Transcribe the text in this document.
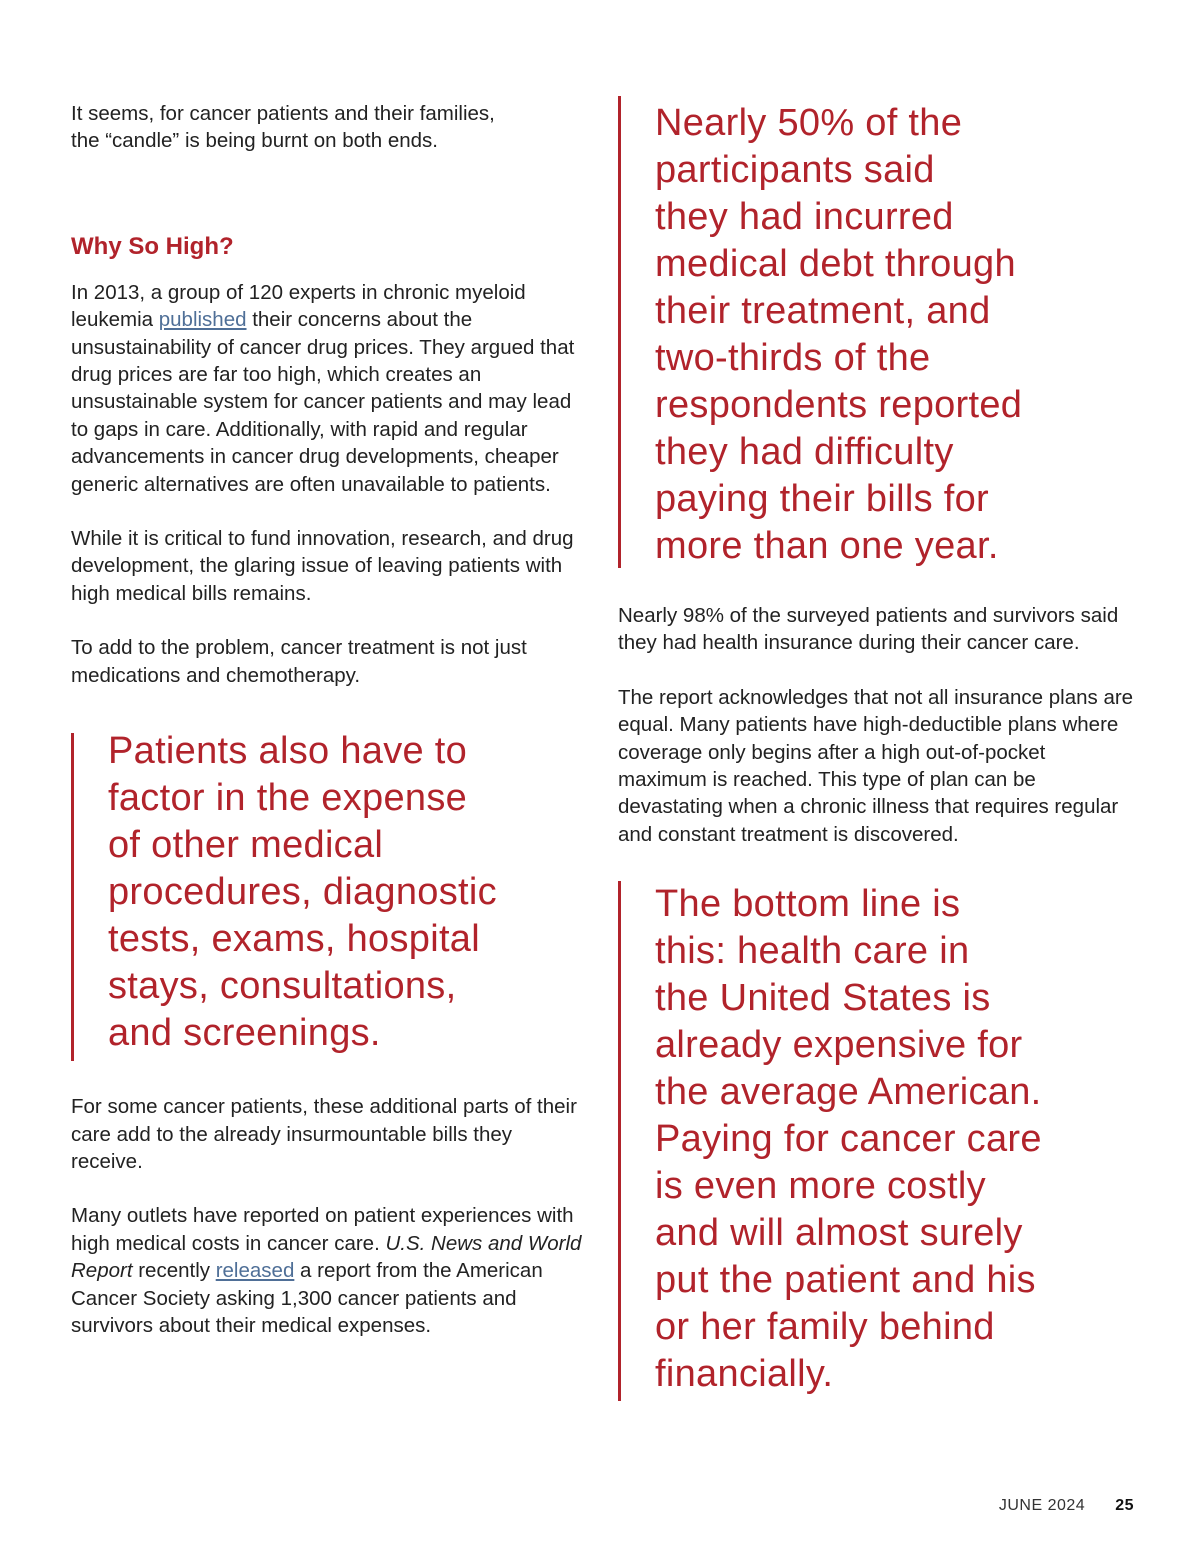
It seems, for cancer patients and their families,
the “candle” is being burnt on both ends.

Why So High?

In 2013, a group of 120 experts in chronic myeloid leukemia published their concerns about the unsustainability of cancer drug prices. They argued that drug prices are far too high, which creates an unsustainable system for cancer patients and may lead to gaps in care. Additionally, with rapid and regular advancements in cancer drug developments, cheaper generic alternatives are often unavailable to patients.

While it is critical to fund innovation, research, and drug development, the glaring issue of leaving patients with high medical bills remains.

To add to the problem, cancer treatment is not just medications and chemotherapy.

Patients also have to
factor in the expense
of other medical
procedures, diagnostic
tests, exams, hospital
stays, consultations,
and screenings.

For some cancer patients, these additional parts of their care add to the already insurmountable bills they receive.

Many outlets have reported on patient experiences with high medical costs in cancer care. U.S. News and World Report recently released a report from the American Cancer Society asking 1,300 cancer patients and survivors about their medical expenses.

Nearly 50% of the
participants said
they had incurred
medical debt through
their treatment, and
two-thirds of the
respondents reported
they had difficulty
paying their bills for
more than one year.

Nearly 98% of the surveyed patients and survivors said they had health insurance during their cancer care.

The report acknowledges that not all insurance plans are equal. Many patients have high-deductible plans where coverage only begins after a high out-of-pocket maximum is reached. This type of plan can be devastating when a chronic illness that requires regular and constant treatment is discovered.

The bottom line is
this: health care in
the United States is
already expensive for
the average American.
Paying for cancer care
is even more costly
and will almost surely
put the patient and his
or her family behind
financially.
JUNE 2024 25
